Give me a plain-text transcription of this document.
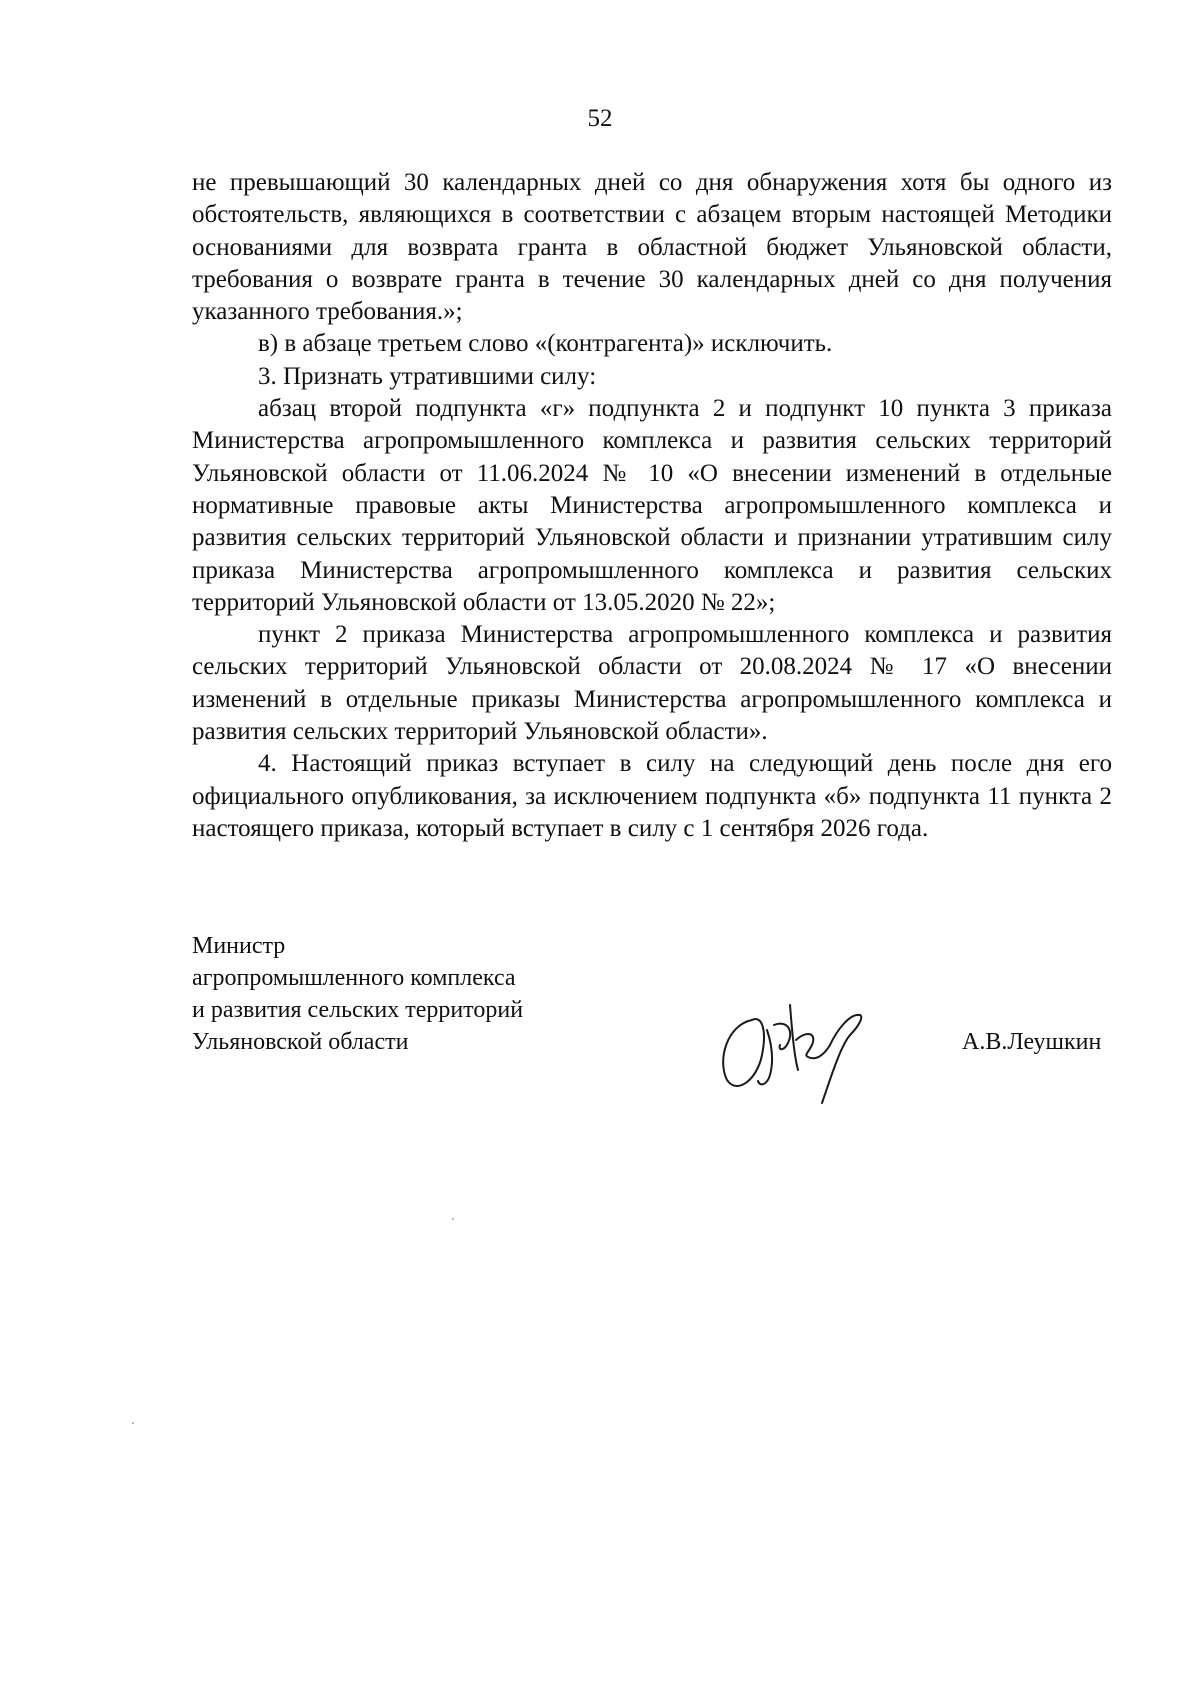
52

не превышающий 30 календарных дней со дня обнаружения хотя бы одного из обстоятельств, являющихся в соответствии с абзацем вторым настоящей Методики основаниями для возврата гранта в областной бюджет Ульяновской области, требования о возврате гранта в течение 30 календарных дней со дня получения указанного требования.»;

в) в абзаце третьем слово «(контрагента)» исключить.

3. Признать утратившими силу:

абзац второй подпункта «г» подпункта 2 и подпункт 10 пункта 3 приказа Министерства агропромышленного комплекса и развития сельских территорий Ульяновской области от 11.06.2024 № 10 «О внесении изменений в отдельные нормативные правовые акты Министерства агропромышленного комплекса и развития сельских территорий Ульяновской области и признании утратившим силу приказа Министерства агропромышленного комплекса и развития сельских территорий Ульяновской области от 13.05.2020 № 22»;

пункт 2 приказа Министерства агропромышленного комплекса и развития сельских территорий Ульяновской области от 20.08.2024 № 17 «О внесении изменений в отдельные приказы Министерства агропромышленного комплекса и развития сельских территорий Ульяновской области».

4. Настоящий приказ вступает в силу на следующий день после дня его официального опубликования, за исключением подпункта «б» подпункта 11 пункта 2 настоящего приказа, который вступает в силу с 1 сентября 2026 года.

Министр
агропромышленного комплекса
и развития сельских территорий
Ульяновской области	А.В.Леушкин
